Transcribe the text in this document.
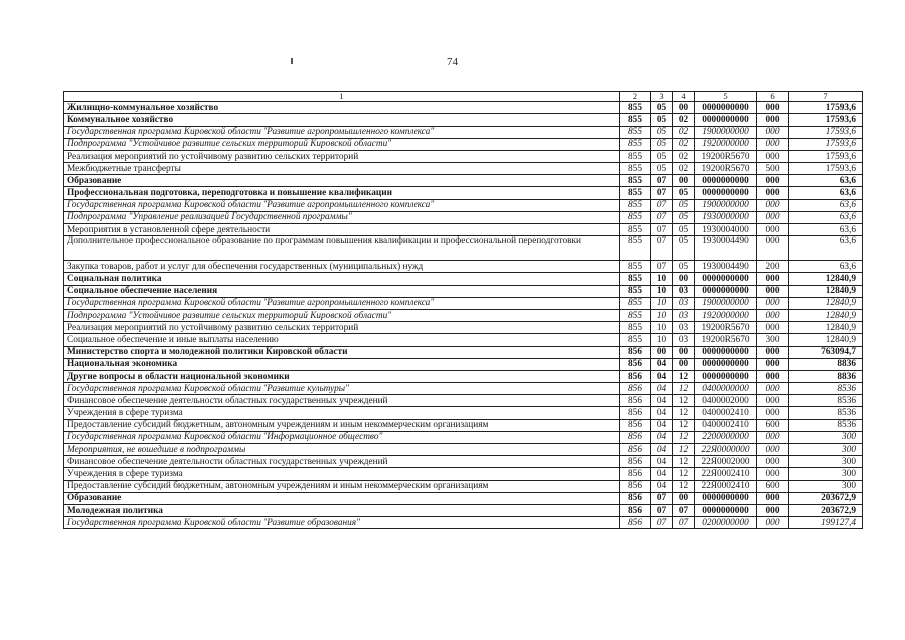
74
1	2	3	4	5	6	7
Жилищно-коммунальное хозяйство	855	05	00	0000000000	000	17593,6
Коммунальное хозяйство	855	05	02	0000000000	000	17593,6
Государственная программа Кировской области "Развитие агропромышленного комплекса"	855	05	02	1900000000	000	17593,6
Подпрограмма "Устойчивое развитие сельских территорий Кировской области"	855	05	02	1920000000	000	17593,6
Реализация мероприятий по устойчивому развитию сельских территорий	855	05	02	19200R5670	000	17593,6
Межбюджетные трансферты	855	05	02	19200R5670	500	17593,6
Образование	855	07	00	0000000000	000	63,6
Профессиональная подготовка, переподготовка и повышение квалификации	855	07	05	0000000000	000	63,6
Государственная программа Кировской области "Развитие агропромышленного комплекса"	855	07	05	1900000000	000	63,6
Подпрограмма "Управление реализацией Государственной программы"	855	07	05	1930000000	000	63,6
Мероприятия в установленной сфере деятельности	855	07	05	1930004000	000	63,6
Дополнительное профессиональное образование по программам повышения квалификации и профессиональной переподготовки	855	07	05	1930004490	000	63,6
Закупка товаров, работ и услуг для обеспечения государственных (муниципальных) нужд	855	07	05	1930004490	200	63,6
Социальная политика	855	10	00	0000000000	000	12840,9
Социальное обеспечение населения	855	10	03	0000000000	000	12840,9
Государственная программа Кировской области "Развитие агропромышленного комплекса"	855	10	03	1900000000	000	12840,9
Подпрограмма "Устойчивое развитие сельских территорий Кировской области"	855	10	03	1920000000	000	12840,9
Реализация мероприятий по устойчивому развитию сельских территорий	855	10	03	19200R5670	000	12840,9
Социальное обеспечение и иные выплаты населению	855	10	03	19200R5670	300	12840,9
Министерство спорта и молодежной политики Кировской области	856	00	00	0000000000	000	763094,7
Национальная экономика	856	04	00	0000000000	000	8836
Другие вопросы в области национальной экономики	856	04	12	0000000000	000	8836
Государственная программа Кировской области "Развитие культуры"	856	04	12	0400000000	000	8536
Финансовое обеспечение деятельности областных государственных учреждений	856	04	12	0400002000	000	8536
Учреждения в сфере туризма	856	04	12	0400002410	000	8536
Предоставление субсидий бюджетным, автономным учреждениям и иным некоммерческим организациям	856	04	12	0400002410	600	8536
Государственная программа Кировской области "Информационное общество"	856	04	12	2200000000	000	300
Мероприятия, не вошедшие в подпрограммы	856	04	12	22Я0000000	000	300
Финансовое обеспечение деятельности областных государственных учреждений	856	04	12	22Я0002000	000	300
Учреждения в сфере туризма	856	04	12	22Я0002410	000	300
Предоставление субсидий бюджетным, автономным учреждениям и иным некоммерческим организациям	856	04	12	22Я0002410	600	300
Образование	856	07	00	0000000000	000	203672,9
Молодежная политика	856	07	07	0000000000	000	203672,9
Государственная программа Кировской области "Развитие образования"	856	07	07	0200000000	000	199127,4
